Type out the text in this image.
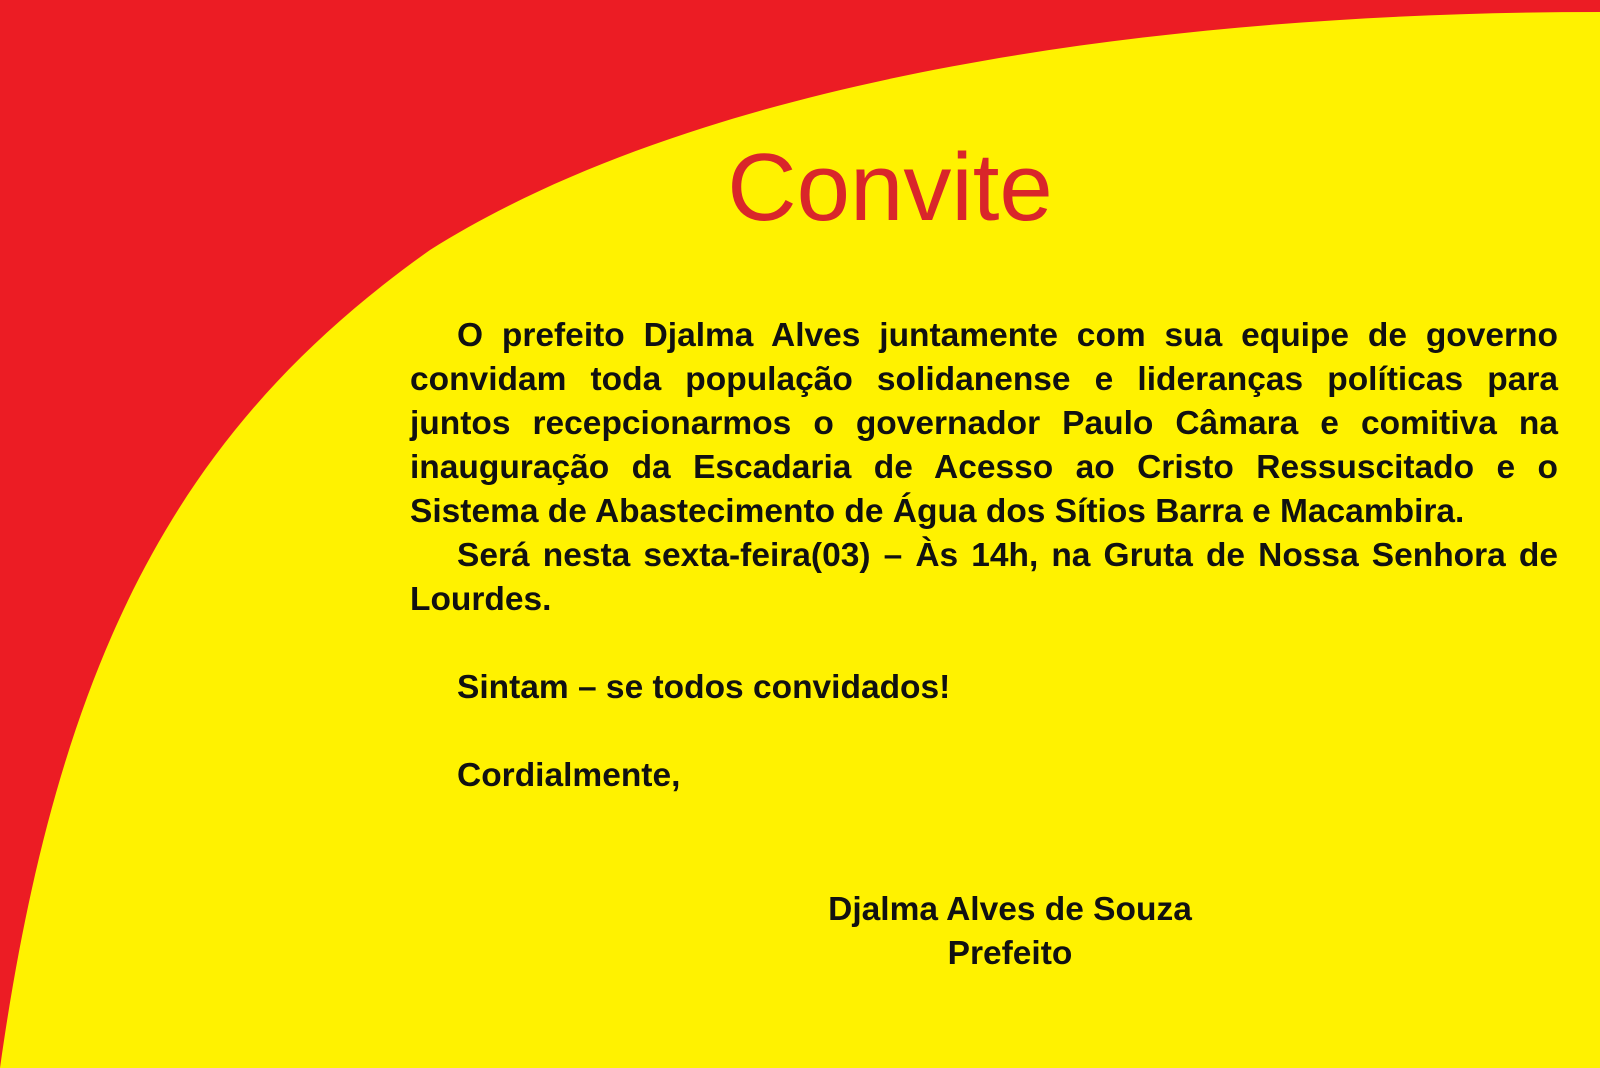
Convite

O prefeito Djalma Alves juntamente com sua equipe de governo convidam toda população solidanense e lideranças políticas para juntos recepcionarmos o governador Paulo Câmara e comitiva na inauguração da Escadaria de Acesso ao Cristo Ressuscitado e o Sistema de Abastecimento de Água dos Sítios Barra e Macambira.

Será nesta sexta-feira(03) – Às 14h, na Gruta de Nossa Senhora de Lourdes.

Sintam – se todos convidados!

Cordialmente,

Djalma Alves de Souza
Prefeito
